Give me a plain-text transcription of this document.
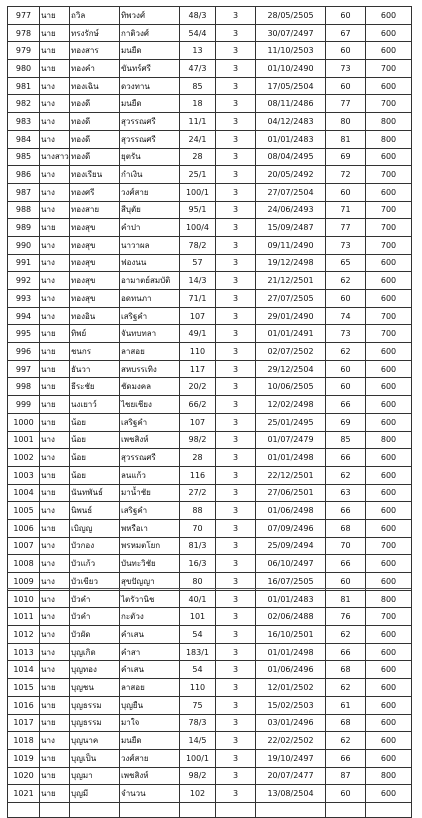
977	นาย	ถวิล	ทิพวงศ์	48/3	3	28/05/2505	60	600
978	นาย	ทรงรักษ์	กาติวงศ์	54/4	3	30/07/2497	67	600
979	นาย	ทองสาร	มนยืด	13	3	11/10/2503	60	600
980	นาย	ทองคำ	ขันทร์ศรี	47/3	3	01/10/2490	73	700
981	นาง	ทองเฉิน	ดวงทาน	85	3	17/05/2504	60	600
982	นาง	ทองดี	มนยืด	18	3	08/11/2486	77	700
983	นาง	ทองดี	สุวรรณศรี	11/1	3	04/12/2483	80	800
984	นาง	ทองดี	สุวรรณศรี	24/1	3	01/01/2483	81	800
985	นางสาว	ทองดี	ยุตรัน	28	3	08/04/2495	69	600
986	นาง	ทองเรียน	กำเงิน	25/1	3	20/05/2492	72	700
987	นาง	ทองศรี	วงศ์สาย	100/1	3	27/07/2504	60	600
988	นาง	ทองสาย	สีบุตัย	95/1	3	24/06/2493	71	700
989	นาย	ทองสุข	คำปา	100/4	3	15/09/2487	77	700
990	นาง	ทองสุข	นาวาผล	78/2	3	09/11/2490	73	700
991	นาง	ทองสุข	ฟองนน	57	3	19/12/2498	65	600
992	นาง	ทองสุข	อามาตย์สมบัติ	14/3	3	21/12/2501	62	600
993	นาง	ทองสุข	อดทนภา	71/1	3	27/07/2505	60	600
994	นาง	ทองอิน	เสริฐคำ	107	3	29/01/2490	74	700
995	นาย	ทิพย์	จันทบทลา	49/1	3	01/01/2491	73	700
996	นาย	ชนกร	ลาสอย	110	3	02/07/2502	62	600
997	นาย	ธันวา	สหบรรเทิง	117	3	29/12/2504	60	600
998	นาย	ธีระชัย	ชัดมงคล	20/2	3	10/06/2505	60	600
999	นาย	นงเยาว์	ไชยเชียง	66/2	3	12/02/2498	66	600
1000	นาย	น้อย	เสริฐคำ	107	3	25/01/2495	69	600
1001	นาง	น้อย	เพชสิงห์	98/2	3	01/07/2479	85	800
1002	นาง	น้อย	สุวรรณศรี	28	3	01/01/2498	66	600
1003	นาย	น้อย	ลนแก้ว	116	3	22/12/2501	62	600
1004	นาย	นันทพันธ์	มาน้ำชัย	27/2	3	27/06/2501	63	600
1005	นาง	นิพนธ์	เสริฐคำ	88	3	01/06/2498	66	600
1006	นาย	เบิญญ	พหรือเา	70	3	07/09/2496	68	600
1007	นาง	บัวกอง	พรหมตโยก	81/3	3	25/09/2494	70	700
1008	นาง	บัวแก้ว	บันทะวิชัย	16/3	3	06/10/2497	66	600
1009	นาง	บัวเขียว	สุขปัญญา	80	3	16/07/2505	60	600
1010	นาง	บัวคำ	ไตรัวานิช	40/1	3	01/01/2483	81	800
1011	นาง	บัวคำ	กะตัวง	101	3	02/06/2488	76	700
1012	นาง	บัวผัด	คำเสน	54	3	16/10/2501	62	600
1013	นาง	บุญเกิด	คำสา	183/1	3	01/01/2498	66	600
1014	นาง	บุญทอง	คำเสน	54	3	01/06/2496	68	600
1015	นาย	บุญชน	ลาสอย	110	3	12/01/2502	62	600
1016	นาย	บุญธรรม	บุญยืน	75	3	15/02/2503	61	600
1017	นาย	บุญธรรม	มาใจ	78/3	3	03/01/2496	68	600
1018	นาง	บุญนาค	มนยืด	14/5	3	22/02/2502	62	600
1019	นาย	บุญเป็น	วงศ์สาย	100/1	3	19/10/2497	66	600
1020	นาย	บุญมา	เพชสิงห์	98/2	3	20/07/2477	87	800
1021	นาย	บุญมี	จำนวน	102	3	13/08/2504	60	600
